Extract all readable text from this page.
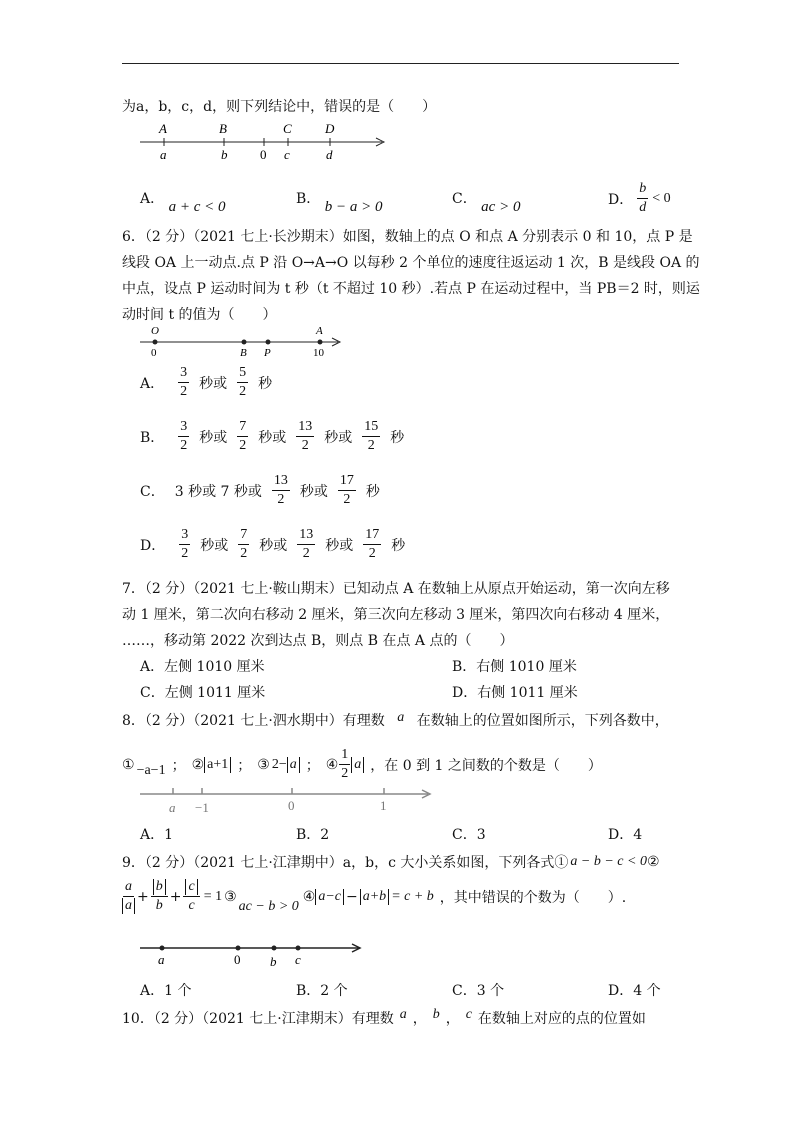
为a，b，c，d，则下列结论中，错误的是（　　）
A	B	C	D
a	b	0 c	d
A． a + c < 0	B． b − a > 0	C． ac > 0	D． $\frac{b}{d} < 0$
6．（2 分）（2021 七上·长沙期末）如图，数轴上的点 O 和点 A 分别表示 0 和 10，点 P 是
线段 OA 上一动点.点 P 沿 O→A→O 以每秒 2 个单位的速度往返运动 1 次，B 是线段 OA 的
中点，设点 P 运动时间为 t 秒（t 不超过 10 秒）.若点 P 在运动过程中，当 PB＝2 时，则运
动时间 t 的值为（　　）
O	A
0	B P	10
A． $\frac{3}{2}$ 秒或 $\frac{5}{2}$ 秒
B． $\frac{3}{2}$ 秒或 $\frac{7}{2}$ 秒或 $\frac{13}{2}$ 秒或 $\frac{15}{2}$ 秒
C． 3 秒或 7 秒或 $\frac{13}{2}$ 秒或 $\frac{17}{2}$ 秒
D． $\frac{3}{2}$ 秒或 $\frac{7}{2}$ 秒或 $\frac{13}{2}$ 秒或 $\frac{17}{2}$ 秒
7．（2 分）（2021 七上·鞍山期末）已知动点 A 在数轴上从原点开始运动，第一次向左移
动 1 厘米，第二次向右移动 2 厘米，第三次向左移动 3 厘米，第四次向右移动 4 厘米，
……，移动第 2022 次到达点 B，则点 B 在点 A 点的（　　）
A．左侧 1010 厘米	B．右侧 1010 厘米
C．左侧 1011 厘米	D．右侧 1011 厘米
8．（2 分）（2021 七上·泗水期中）有理数 a 在数轴上的位置如图所示，下列各数中，
① −a−1 ； ② a+1 ； ③ 2− a ； ④ $\frac{1}{2}$ a ，在 0 到 1 之间数的个数是（　　）
a −1	0	1
A．1	B．2	C．3	D．4
9．（2 分）（2021 七上·江津期中）a，b，c 大小关系如图，下列各式① a − b − c < 0 ②
$\frac{a}{a} + \frac{b}{b} + \frac{c}{c} = 1$ ③
ac − b > 0
④ a−c − a+b = c + b ，其中错误的个数为（　　）.
a	0 b c
A．1 个	B．2 个	C．3 个	D．4 个
10．（2 分）（2021 七上·江津期末）有理数 a ， b ， c 在数轴上对应的点的位置如
